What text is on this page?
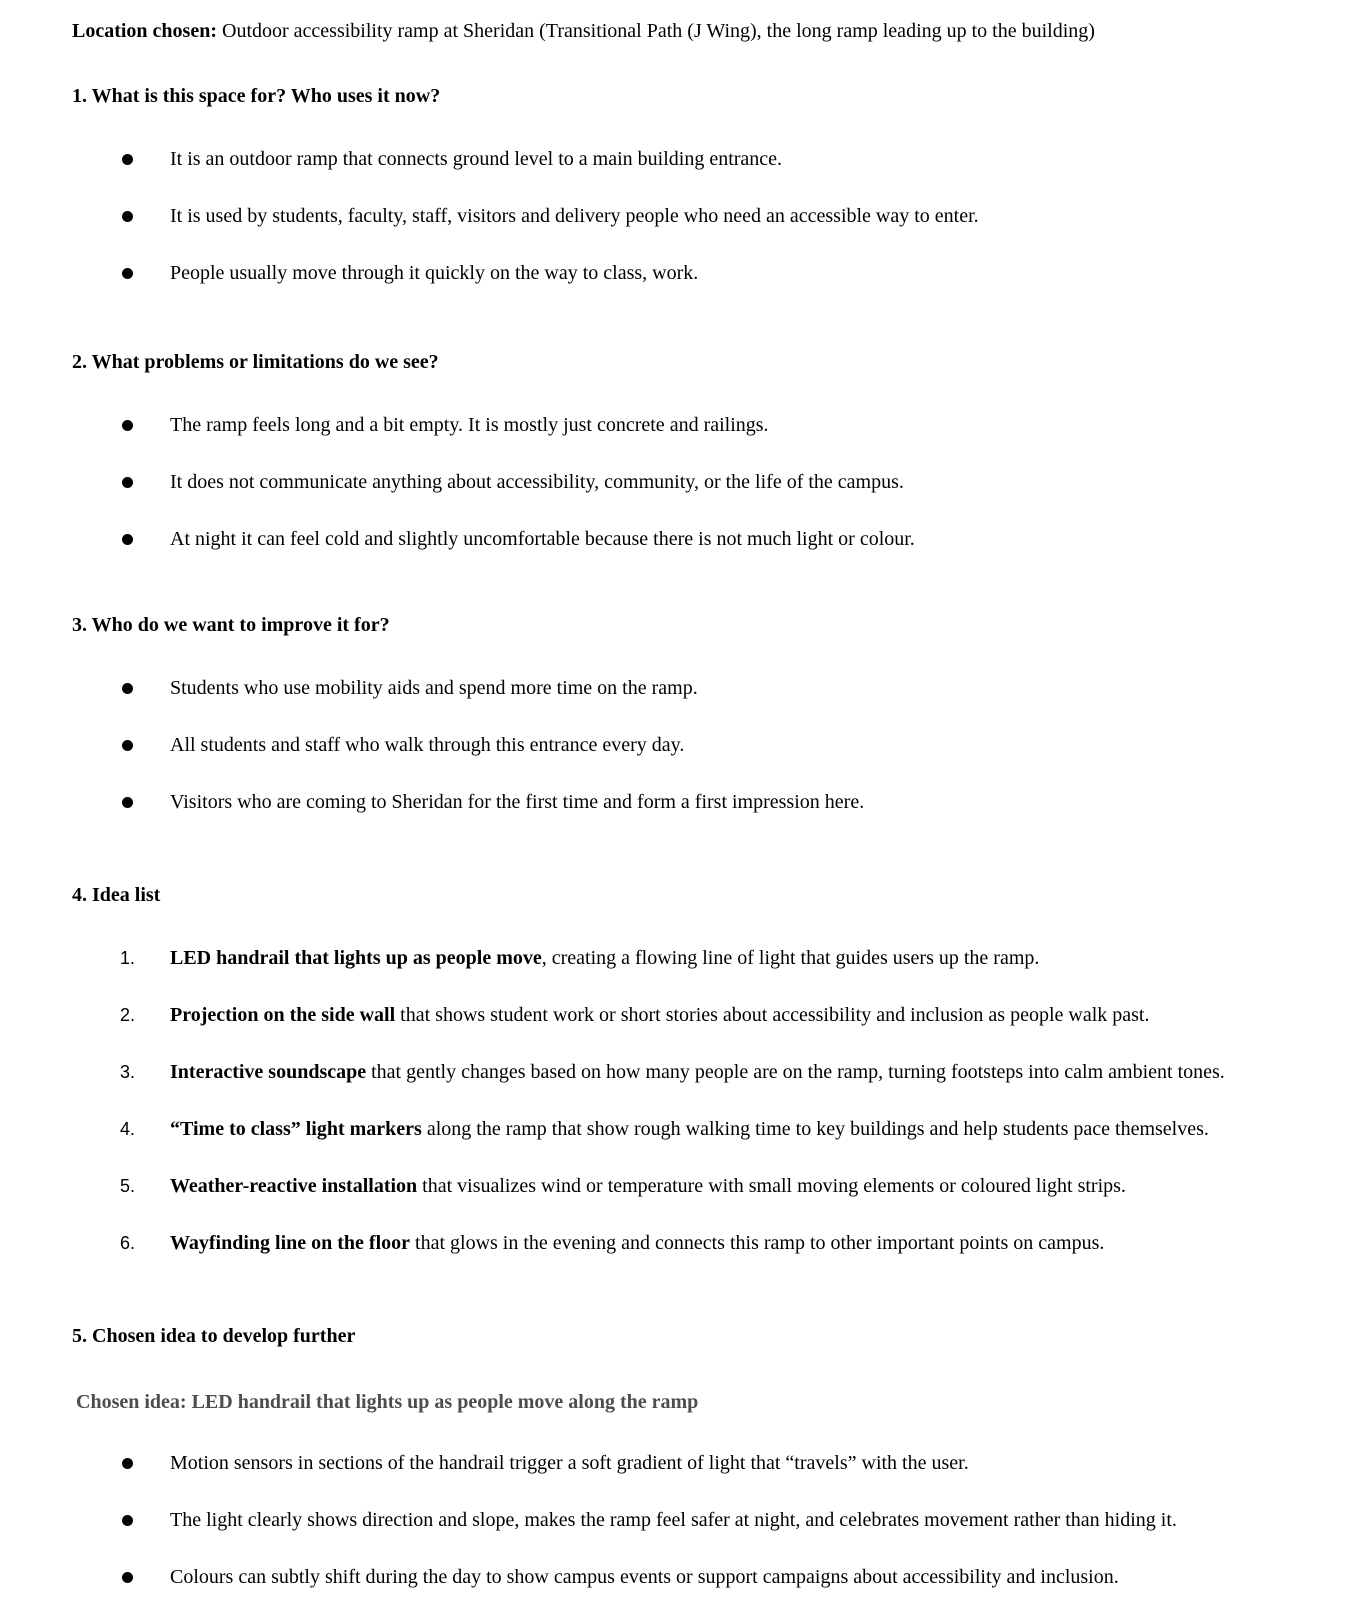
Location chosen: Outdoor accessibility ramp at Sheridan (Transitional Path (J Wing), the long ramp leading up to the building)

1. What is this space for? Who uses it now?

It is an outdoor ramp that connects ground level to a main building entrance.
It is used by students, faculty, staff, visitors and delivery people who need an accessible way to enter.
People usually move through it quickly on the way to class, work.

2. What problems or limitations do we see?

The ramp feels long and a bit empty. It is mostly just concrete and railings.
It does not communicate anything about accessibility, community, or the life of the campus.
At night it can feel cold and slightly uncomfortable because there is not much light or colour.

3. Who do we want to improve it for?

Students who use mobility aids and spend more time on the ramp.
All students and staff who walk through this entrance every day.
Visitors who are coming to Sheridan for the first time and form a first impression here.

4. Idea list

1. LED handrail that lights up as people move, creating a flowing line of light that guides users up the ramp.
2. Projection on the side wall that shows student work or short stories about accessibility and inclusion as people walk past.
3. Interactive soundscape that gently changes based on how many people are on the ramp, turning footsteps into calm ambient tones.
4. “Time to class” light markers along the ramp that show rough walking time to key buildings and help students pace themselves.
5. Weather-reactive installation that visualizes wind or temperature with small moving elements or coloured light strips.
6. Wayfinding line on the floor that glows in the evening and connects this ramp to other important points on campus.

5. Chosen idea to develop further

Chosen idea: LED handrail that lights up as people move along the ramp

Motion sensors in sections of the handrail trigger a soft gradient of light that “travels” with the user.
The light clearly shows direction and slope, makes the ramp feel safer at night, and celebrates movement rather than hiding it.
Colours can subtly shift during the day to show campus events or support campaigns about accessibility and inclusion.
